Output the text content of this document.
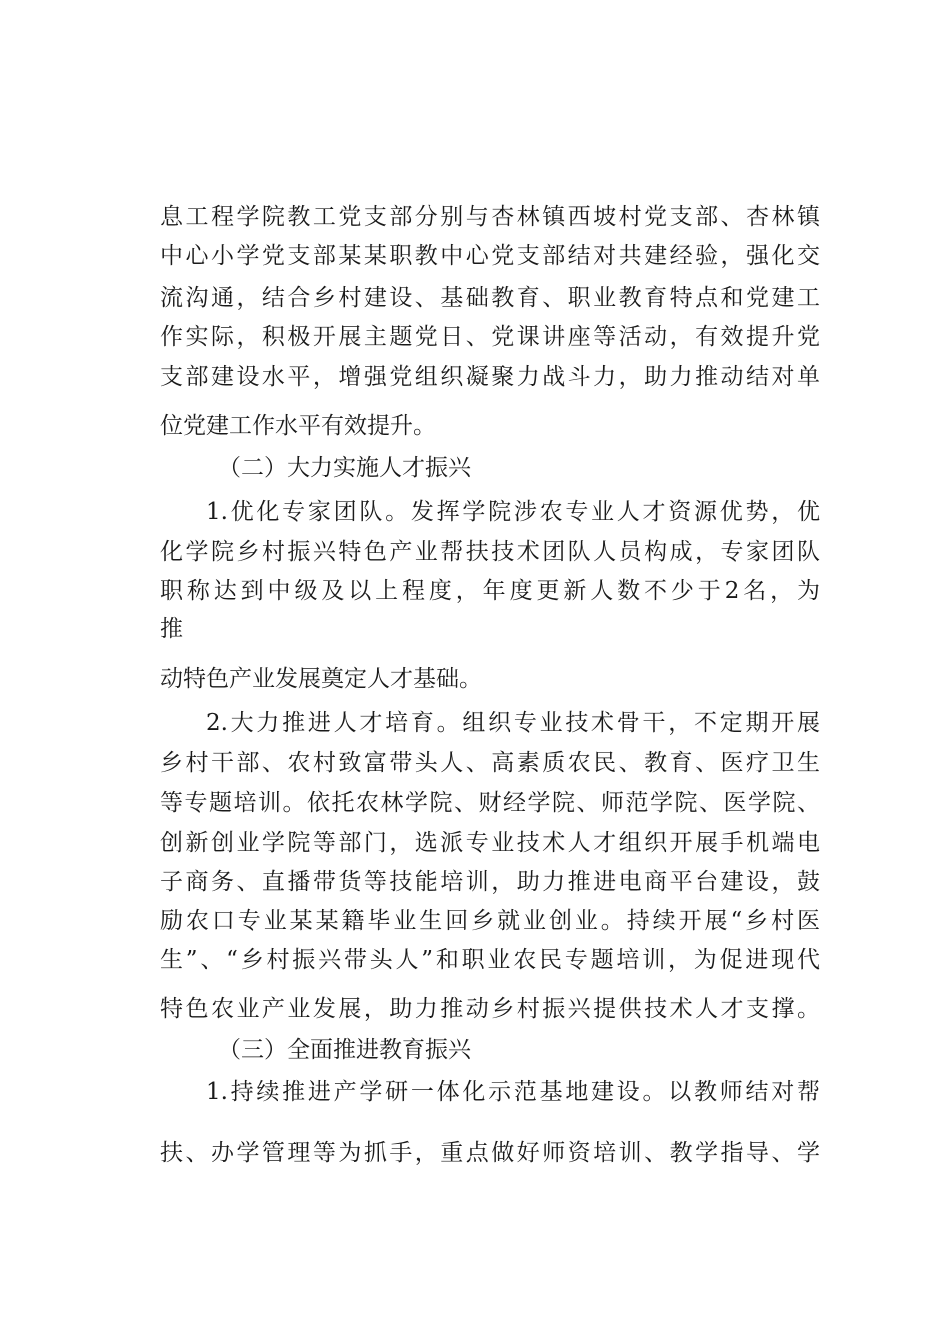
息工程学院教工党支部分别与杏林镇西坡村党支部、杏林镇
中心小学党支部某某职教中心党支部结对共建经验，强化交
流沟通，结合乡村建设、基础教育、职业教育特点和党建工
作实际，积极开展主题党日、党课讲座等活动，有效提升党
支部建设水平，增强党组织凝聚力战斗力，助力推动结对单
位党建工作水平有效提升。
（二）大力实施人才振兴
1.优化专家团队。发挥学院涉农专业人才资源优势，优
化学院乡村振兴特色产业帮扶技术团队人员构成，专家团队
职称达到中级及以上程度，年度更新人数不少于2名，为
推
动特色产业发展奠定人才基础。
2.大力推进人才培育。组织专业技术骨干，不定期开展
乡村干部、农村致富带头人、高素质农民、教育、医疗卫生
等专题培训。依托农林学院、财经学院、师范学院、医学院、
创新创业学院等部门，选派专业技术人才组织开展手机端电
子商务、直播带货等技能培训，助力推进电商平台建设，鼓
励农口专业某某籍毕业生回乡就业创业。持续开展“乡村医
生”、“乡村振兴带头人”和职业农民专题培训，为促进现代
特色农业产业发展，助力推动乡村振兴提供技术人才支撑。
（三）全面推进教育振兴
1.持续推进产学研一体化示范基地建设。以教师结对帮
扶、办学管理等为抓手，重点做好师资培训、教学指导、学
